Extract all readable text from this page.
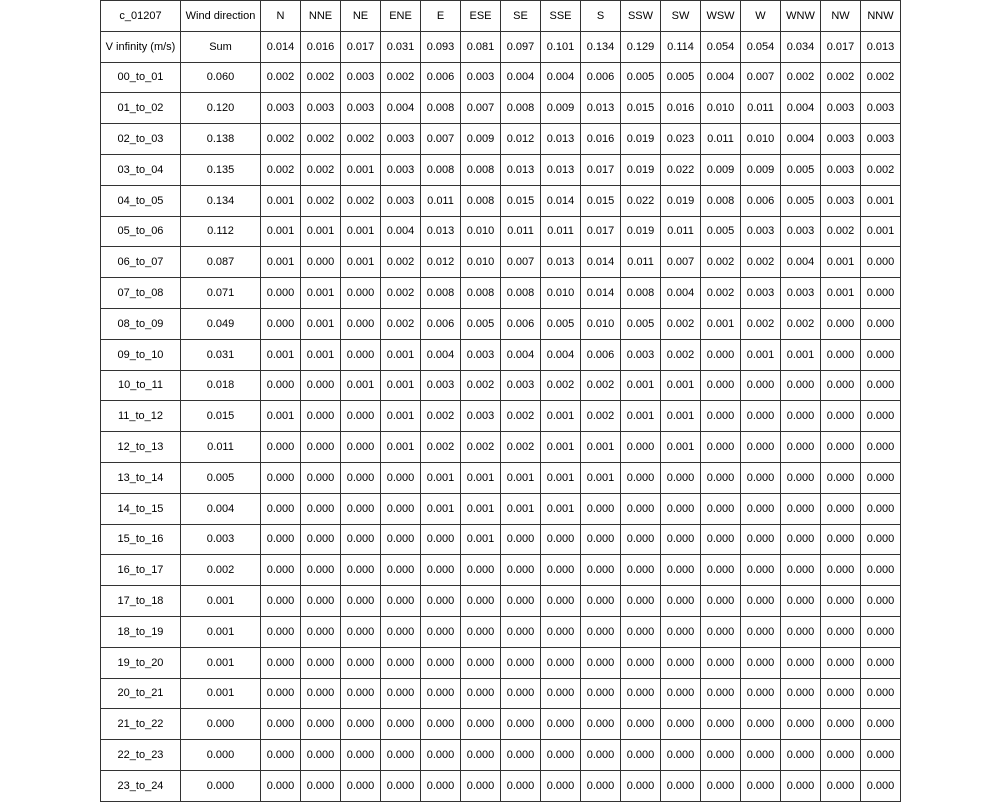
c_01207	Wind direction	N	NNE	NE	ENE	E	ESE	SE	SSE	S	SSW	SW	WSW	W	WNW	NW	NNW
V infinity (m/s)	Sum	0.014	0.016	0.017	0.031	0.093	0.081	0.097	0.101	0.134	0.129	0.114	0.054	0.054	0.034	0.017	0.013
00_to_01	0.060	0.002	0.002	0.003	0.002	0.006	0.003	0.004	0.004	0.006	0.005	0.005	0.004	0.007	0.002	0.002	0.002
01_to_02	0.120	0.003	0.003	0.003	0.004	0.008	0.007	0.008	0.009	0.013	0.015	0.016	0.010	0.011	0.004	0.003	0.003
02_to_03	0.138	0.002	0.002	0.002	0.003	0.007	0.009	0.012	0.013	0.016	0.019	0.023	0.011	0.010	0.004	0.003	0.003
03_to_04	0.135	0.002	0.002	0.001	0.003	0.008	0.008	0.013	0.013	0.017	0.019	0.022	0.009	0.009	0.005	0.003	0.002
04_to_05	0.134	0.001	0.002	0.002	0.003	0.011	0.008	0.015	0.014	0.015	0.022	0.019	0.008	0.006	0.005	0.003	0.001
05_to_06	0.112	0.001	0.001	0.001	0.004	0.013	0.010	0.011	0.011	0.017	0.019	0.011	0.005	0.003	0.003	0.002	0.001
06_to_07	0.087	0.001	0.000	0.001	0.002	0.012	0.010	0.007	0.013	0.014	0.011	0.007	0.002	0.002	0.004	0.001	0.000
07_to_08	0.071	0.000	0.001	0.000	0.002	0.008	0.008	0.008	0.010	0.014	0.008	0.004	0.002	0.003	0.003	0.001	0.000
08_to_09	0.049	0.000	0.001	0.000	0.002	0.006	0.005	0.006	0.005	0.010	0.005	0.002	0.001	0.002	0.002	0.000	0.000
09_to_10	0.031	0.001	0.001	0.000	0.001	0.004	0.003	0.004	0.004	0.006	0.003	0.002	0.000	0.001	0.001	0.000	0.000
10_to_11	0.018	0.000	0.000	0.001	0.001	0.003	0.002	0.003	0.002	0.002	0.001	0.001	0.000	0.000	0.000	0.000	0.000
11_to_12	0.015	0.001	0.000	0.000	0.001	0.002	0.003	0.002	0.001	0.002	0.001	0.001	0.000	0.000	0.000	0.000	0.000
12_to_13	0.011	0.000	0.000	0.000	0.001	0.002	0.002	0.002	0.001	0.001	0.000	0.001	0.000	0.000	0.000	0.000	0.000
13_to_14	0.005	0.000	0.000	0.000	0.000	0.001	0.001	0.001	0.001	0.001	0.000	0.000	0.000	0.000	0.000	0.000	0.000
14_to_15	0.004	0.000	0.000	0.000	0.000	0.001	0.001	0.001	0.001	0.000	0.000	0.000	0.000	0.000	0.000	0.000	0.000
15_to_16	0.003	0.000	0.000	0.000	0.000	0.000	0.001	0.000	0.000	0.000	0.000	0.000	0.000	0.000	0.000	0.000	0.000
16_to_17	0.002	0.000	0.000	0.000	0.000	0.000	0.000	0.000	0.000	0.000	0.000	0.000	0.000	0.000	0.000	0.000	0.000
17_to_18	0.001	0.000	0.000	0.000	0.000	0.000	0.000	0.000	0.000	0.000	0.000	0.000	0.000	0.000	0.000	0.000	0.000
18_to_19	0.001	0.000	0.000	0.000	0.000	0.000	0.000	0.000	0.000	0.000	0.000	0.000	0.000	0.000	0.000	0.000	0.000
19_to_20	0.001	0.000	0.000	0.000	0.000	0.000	0.000	0.000	0.000	0.000	0.000	0.000	0.000	0.000	0.000	0.000	0.000
20_to_21	0.001	0.000	0.000	0.000	0.000	0.000	0.000	0.000	0.000	0.000	0.000	0.000	0.000	0.000	0.000	0.000	0.000
21_to_22	0.000	0.000	0.000	0.000	0.000	0.000	0.000	0.000	0.000	0.000	0.000	0.000	0.000	0.000	0.000	0.000	0.000
22_to_23	0.000	0.000	0.000	0.000	0.000	0.000	0.000	0.000	0.000	0.000	0.000	0.000	0.000	0.000	0.000	0.000	0.000
23_to_24	0.000	0.000	0.000	0.000	0.000	0.000	0.000	0.000	0.000	0.000	0.000	0.000	0.000	0.000	0.000	0.000	0.000
